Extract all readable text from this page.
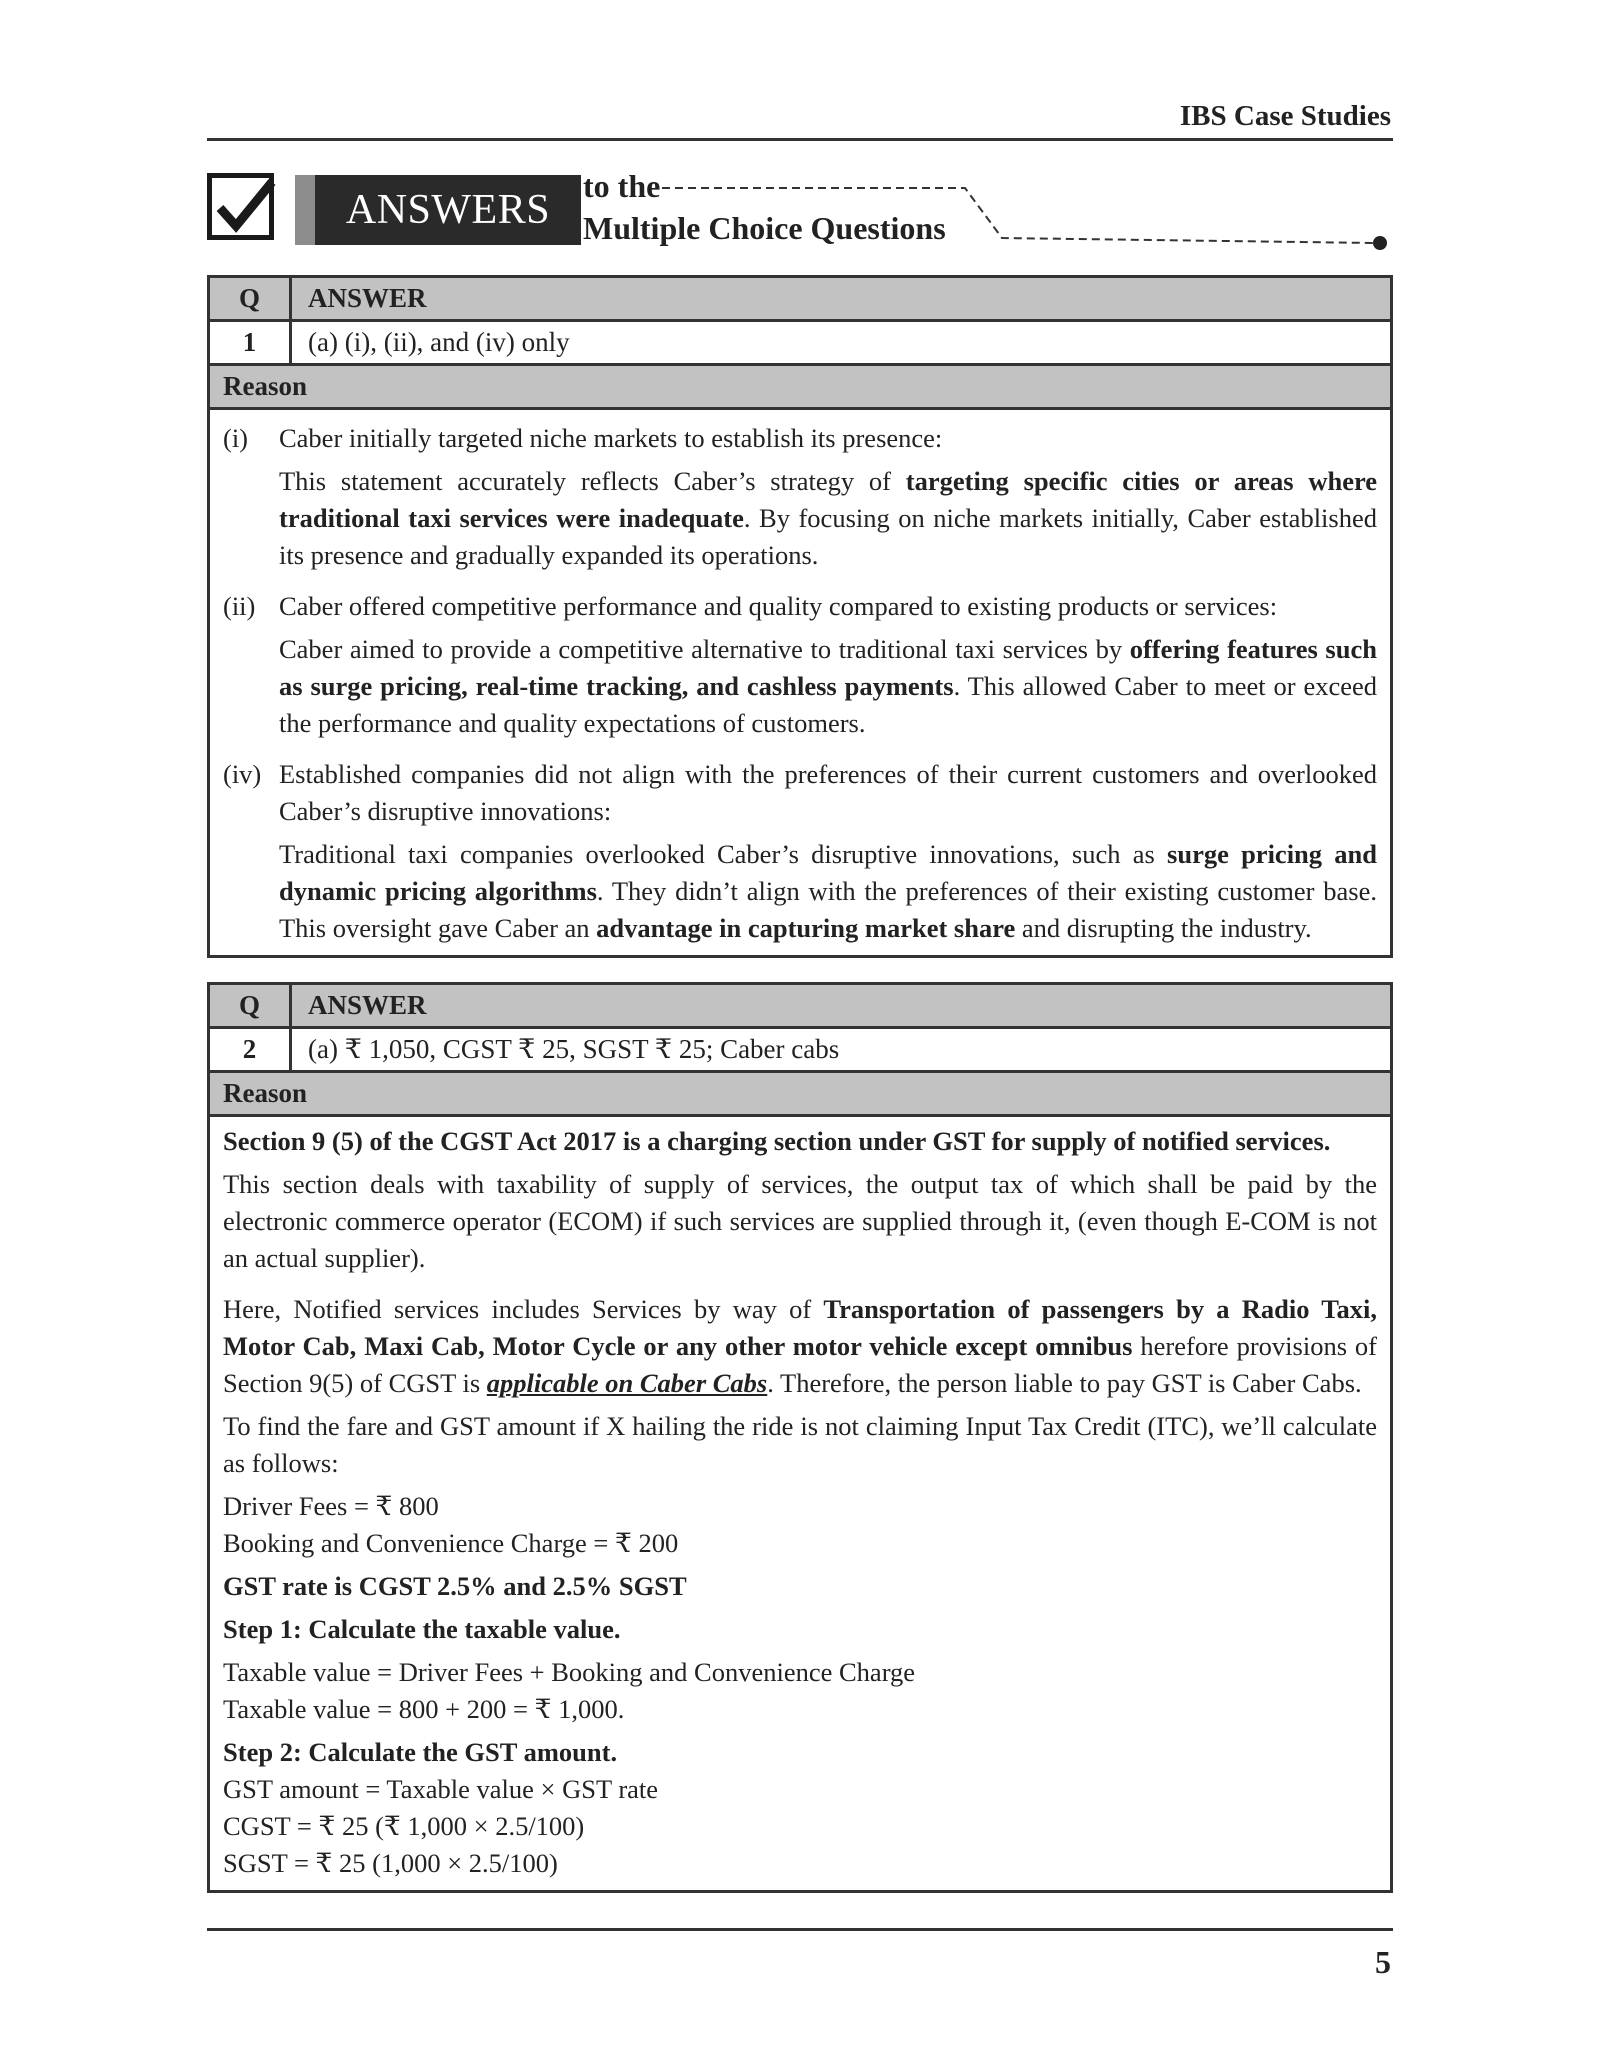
IBS Case Studies
ANSWERS
to the
Multiple Choice Questions
Q	ANSWER
1	(a) (i), (ii), and (iv) only
Reason
(i)	Caber initially targeted niche markets to establish its presence:

This statement accurately reflects Caber’s strategy of targeting specific cities or areas where traditional taxi services were inadequate. By focusing on niche markets initially, Caber established its presence and gradually expanded its operations.

(ii) Caber offered competitive performance and quality compared to existing products or services:

Caber aimed to provide a competitive alternative to traditional taxi services by offering features such as surge pricing, real-time tracking, and cashless payments. This allowed Caber to meet or exceed the performance and quality expectations of customers.

(iv) Established companies did not align with the preferences of their current customers and overlooked Caber’s disruptive innovations:

Traditional taxi companies overlooked Caber’s disruptive innovations, such as surge pricing and dynamic pricing algorithms. They didn’t align with the preferences of their existing customer base. This oversight gave Caber an advantage in capturing market share and disrupting the industry.

Q	ANSWER
2	(a) ₹ 1,050, CGST ₹ 25, SGST ₹ 25; Caber cabs
Reason

Section 9 (5) of the CGST Act 2017 is a charging section under GST for supply of notified services.

This section deals with taxability of supply of services, the output tax of which shall be paid by the electronic commerce operator (ECOM) if such services are supplied through it, (even though E-COM is not an actual supplier).

Here, Notified services includes Services by way of Transportation of passengers by a Radio Taxi, Motor Cab, Maxi Cab, Motor Cycle or any other motor vehicle except omnibus herefore provisions of Section 9(5) of CGST is applicable on Caber Cabs. Therefore, the person liable to pay GST is Caber Cabs.

To find the fare and GST amount if X hailing the ride is not claiming Input Tax Credit (ITC), we’ll calculate as follows:

Driver Fees = ₹ 800

Booking and Convenience Charge = ₹ 200

GST rate is CGST 2.5% and 2.5% SGST

Step 1: Calculate the taxable value.

Taxable value = Driver Fees + Booking and Convenience Charge

Taxable value = 800 + 200 = ₹ 1,000.

Step 2: Calculate the GST amount.

GST amount = Taxable value × GST rate

CGST = ₹ 25 (₹ 1,000 × 2.5/100)

SGST = ₹ 25 (1,000 × 2.5/100)

5
